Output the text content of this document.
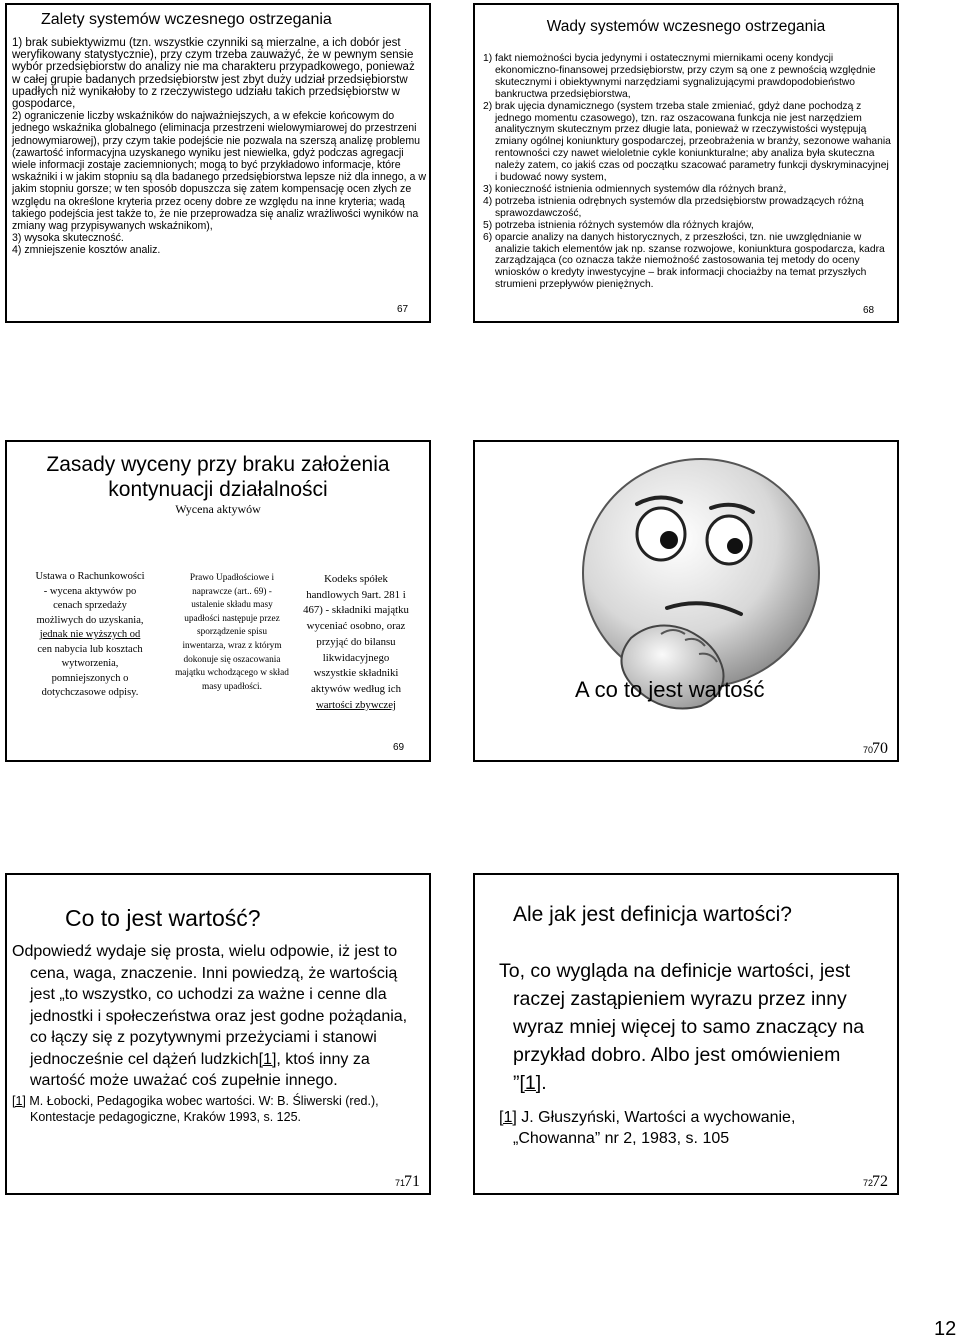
Zalety systemów wczesnego ostrzegania
1) brak subiektywizmu (tzn. wszystkie czynniki są mierzalne, a ich dobór jest weryfikowany statystycznie), przy czym trzeba zauważyć, że w pewnym sensie wybór przedsiębiorstw do analizy nie ma charakteru przypadkowego, ponieważ w całej grupie badanych przedsiębiorstw jest zbyt duży udział przedsiębiorstw upadłych niż wynikałoby to z rzeczywistego udziału takich przedsiębiorstw w gospodarce,
2) ograniczenie liczby wskaźników do najważniejszych, a w efekcie końcowym do jednego wskaźnika globalnego (eliminacja przestrzeni wielowymiarowej do przestrzeni jednowymiarowej), przy czym takie podejście nie pozwala na szerszą analizę problemu (zawartość informacyjna uzyskanego wyniku jest niewielka, gdyż podczas agregacji wiele informacji zostaje zaciemnionych; mogą to być przykładowo informacje, które wskaźniki i w jakim stopniu są dla badanego przedsiębiorstwa lepsze niż dla innego, a w jakim stopniu gorsze; w ten sposób dopuszcza się zatem kompensację ocen złych ze względu na określone kryteria przez oceny dobre ze względu na inne kryteria; wadą takiego podejścia jest także to, że nie przeprowadza się analiz wrażliwości wyników na zmiany wag przypisywanych wskaźnikom),
3) wysoka skuteczność.
4) zmniejszenie kosztów analiz.
67
Wady systemów wczesnego ostrzegania
1) fakt niemożności bycia jedynymi i ostatecznymi miernikami oceny kondycji ekonomiczno-finansowej przedsiębiorstw, przy czym są one z pewnością względnie skutecznymi i obiektywnymi narzędziami sygnalizującymi prawdopodobieństwo bankructwa przedsiębiorstwa,
2) brak ujęcia dynamicznego (system trzeba stale zmieniać, gdyż dane pochodzą z jednego momentu czasowego), tzn. raz oszacowana funkcja nie jest narzędziem analitycznym skutecznym przez długie lata, ponieważ w rzeczywistości występują zmiany ogólnej koniunktury gospodarczej, przeobrażenia w branży, sezonowe wahania rentowności czy nawet wieloletnie cykle koniunkturalne; aby analiza była skuteczna należy zatem, co jakiś czas od początku szacować parametry funkcji dyskryminacyjnej i budować nowy system,
3) konieczność istnienia odmiennych systemów dla różnych branż,
4) potrzeba istnienia odrębnych systemów dla przedsiębiorstw prowadzących różną sprawozdawczość,
5) potrzeba istnienia różnych systemów dla różnych krajów,
6) oparcie analizy na danych historycznych, z przeszłości, tzn. nie uwzględnianie w analizie takich elementów jak np. szanse rozwojowe, koniunktura gospodarcza, kadra zarządzająca (co oznacza także niemożność zastosowania tej metody do oceny wniosków o kredyty inwestycyjne – brak informacji chociażby na temat przyszłych strumieni przepływów pieniężnych.
68
Zasady wyceny przy braku założenia
kontynuacji działalności
Wycena aktywów
Ustawa o Rachunkowości - wycena aktywów po cenach sprzedaży możliwych do uzyskania, jednak nie wyższych od cen nabycia lub kosztach wytworzenia, pomniejszonych o dotychczasowe odpisy.
Prawo Upadłościowe i naprawcze (art.. 69) - ustalenie składu masy upadłości następuje przez sporządzenie spisu inwentarza, wraz z którym dokonuje się oszacowania majątku wchodzącego w skład masy upadłości.
Kodeks spółek handlowych 9art. 281 i 467) - składniki majątku wyceniać osobno, oraz przyjąć do bilansu likwidacyjnego wszystkie składniki aktywów według ich wartości zbywczej
69
A co to jest wartość
70
70
Co to jest wartość?
Odpowiedź wydaje się prosta, wielu odpowie, iż jest to cena, waga, znaczenie. Inni powiedzą, że wartością jest „to wszystko, co uchodzi za ważne i cenne dla jednostki i społeczeństwa oraz jest godne pożądania, co łączy się z pozytywnymi przeżyciami i stanowi jednocześnie cel dążeń ludzkich[1], ktoś inny za wartość może uważać coś zupełnie innego.
[1] M. Łobocki, Pedagogika wobec wartości. W: B. Śliwerski (red.), Kontestacje pedagogiczne, Kraków 1993, s. 125.
71
71
Ale jak jest definicja wartości?
To, co wygląda na definicje wartości, jest raczej zastąpieniem wyrazu przez inny wyraz mniej więcej to samo znaczący na przykład dobro. Albo jest omówieniem ”[1].
[1] J. Głuszyński, Wartości a wychowanie, „Chowanna” nr 2, 1983, s. 105
72
72
12
